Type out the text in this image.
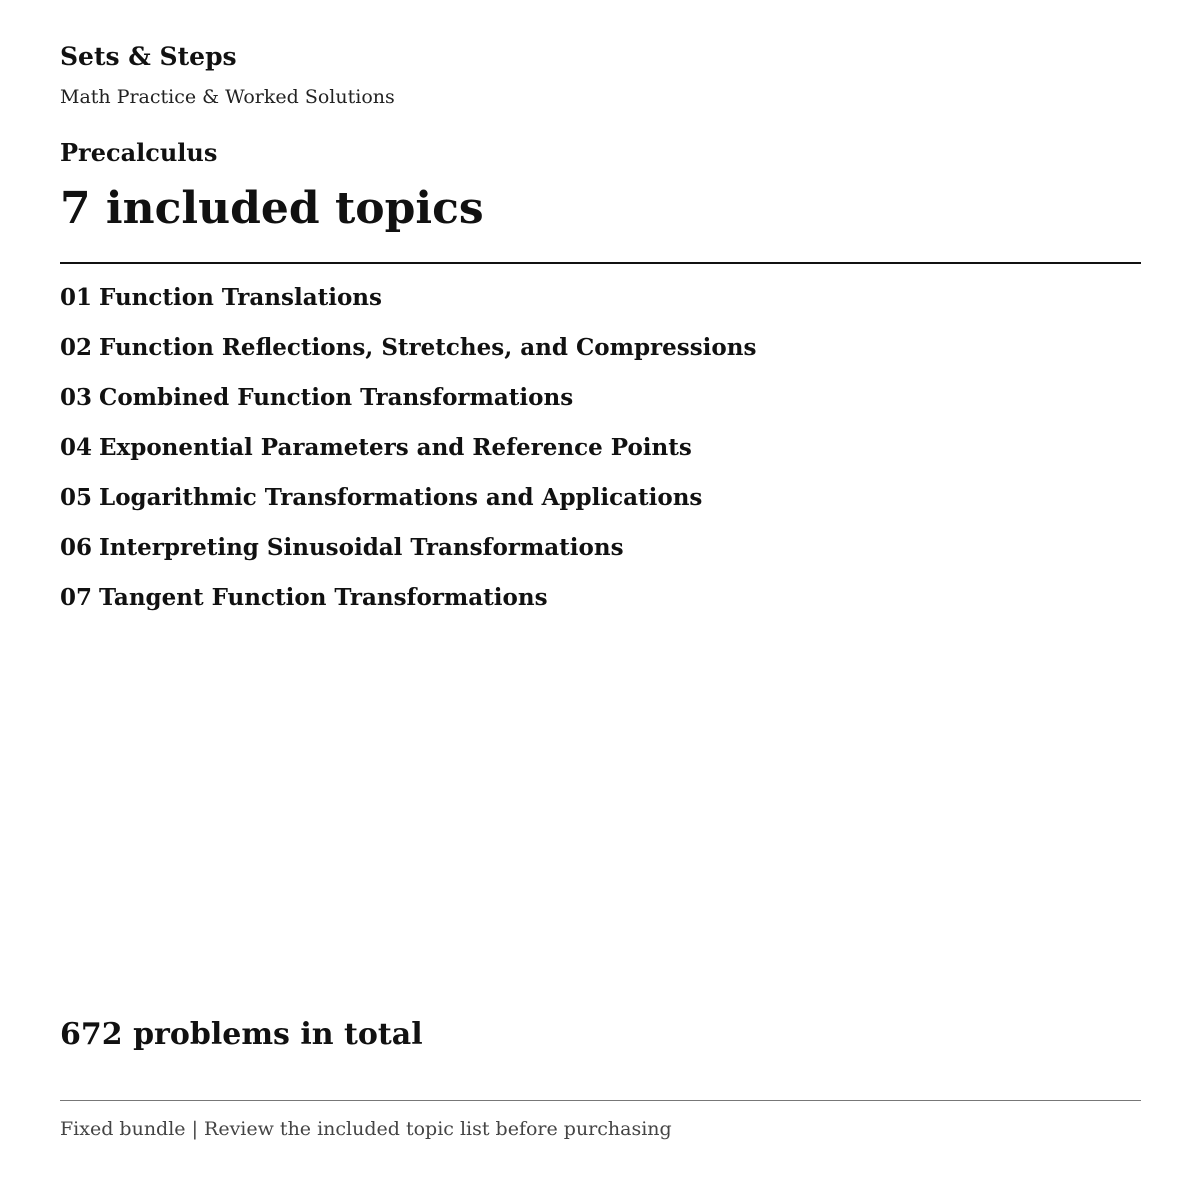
Sets & Steps
Math Practice & Worked Solutions
Precalculus
7 included topics
01 Function Translations
02 Function Reflections, Stretches, and Compressions
03 Combined Function Transformations
04 Exponential Parameters and Reference Points
05 Logarithmic Transformations and Applications
06 Interpreting Sinusoidal Transformations
07 Tangent Function Transformations
672 problems in total
Fixed bundle | Review the included topic list before purchasing
